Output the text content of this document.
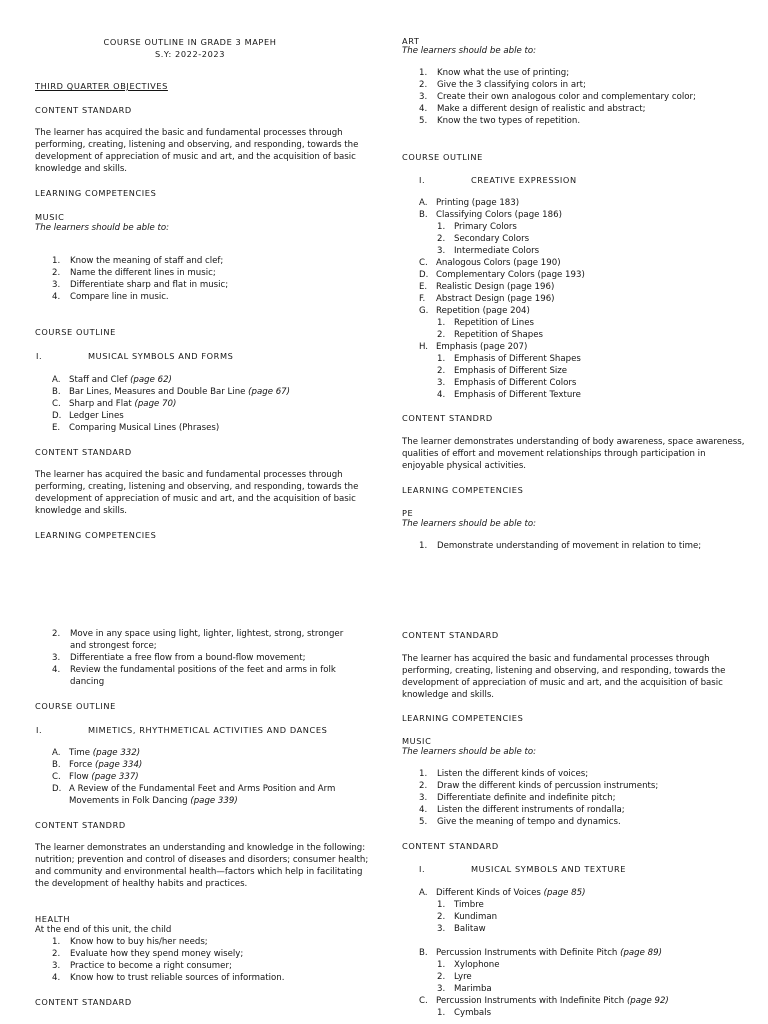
COURSE OUTLINE IN GRADE 3 MAPEH
S.Y: 2022-2023
THIRD QUARTER OBJECTIVES
CONTENT STANDARD
The learner has acquired the basic and fundamental processes through performing, creating, listening and observing, and responding, towards the development of appreciation of music and art, and the acquisition of basic knowledge and skills.
LEARNING COMPETENCIES
MUSIC
The learners should be able to:
1. Know the meaning of staff and clef;
2. Name the different lines in music;
3. Differentiate sharp and flat in music;
4. Compare line in music.
COURSE OUTLINE
I.	MUSICAL SYMBOLS AND FORMS
A. Staff and Clef (page 62)
B. Bar Lines, Measures and Double Bar Line (page 67)
C. Sharp and Flat (page 70)
D. Ledger Lines
E. Comparing Musical Lines (Phrases)
CONTENT STANDARD
The learner has acquired the basic and fundamental processes through performing, creating, listening and observing, and responding, towards the development of appreciation of music and art, and the acquisition of basic knowledge and skills.
LEARNING COMPETENCIES
ART
The learners should be able to:
1. Know what the use of printing;
2. Give the 3 classifying colors in art;
3. Create their own analogous color and complementary color;
4. Make a different design of realistic and abstract;
5. Know the two types of repetition.
COURSE OUTLINE
I.	CREATIVE EXPRESSION
A. Printing (page 183)
B. Classifying Colors (page 186)
1. Primary Colors
2. Secondary Colors
3. Intermediate Colors
C. Analogous Colors (page 190)
D. Complementary Colors (page 193)
E. Realistic Design (page 196)
F. Abstract Design (page 196)
G. Repetition (page 204)
1. Repetition of Lines
2. Repetition of Shapes
H. Emphasis (page 207)
1. Emphasis of Different Shapes
2. Emphasis of Different Size
3. Emphasis of Different Colors
4. Emphasis of Different Texture
CONTENT STANDRD
The learner demonstrates understanding of body awareness, space awareness, qualities of effort and movement relationships through participation in enjoyable physical activities.
LEARNING COMPETENCIES
PE
The learners should be able to:
1. Demonstrate understanding of movement in relation to time;
2. Move in any space using light, lighter, lightest, strong, stronger
and strongest force;
3. Differentiate a free flow from a bound-flow movement;
4. Review the fundamental positions of the feet and arms in folk
dancing
COURSE OUTLINE
I.	MIMETICS, RHYTHMETICAL ACTIVITIES AND DANCES
A. Time (page 332)
B. Force (page 334)
C. Flow (page 337)
D. A Review of the Fundamental Feet and Arms Position and Arm
Movements in Folk Dancing (page 339)
CONTENT STANDRD
The learner demonstrates an understanding and knowledge in the following: nutrition; prevention and control of diseases and disorders; consumer health; and community and environmental health—factors which help in facilitating the development of healthy habits and practices.
HEALTH
At the end of this unit, the child
1. Know how to buy his/her needs;
2. Evaluate how they spend money wisely;
3. Practice to become a right consumer;
4. Know how to trust reliable sources of information.
CONTENT STANDARD
CONTENT STANDARD
The learner has acquired the basic and fundamental processes through performing, creating, listening and observing, and responding, towards the development of appreciation of music and art, and the acquisition of basic knowledge and skills.
LEARNING COMPETENCIES
MUSIC
The learners should be able to:
1. Listen the different kinds of voices;
2. Draw the different kinds of percussion instruments;
3. Differentiate definite and indefinite pitch;
4. Listen the different instruments of rondalla;
5. Give the meaning of tempo and dynamics.
CONTENT STANDARD
I.	MUSICAL SYMBOLS AND TEXTURE
A. Different Kinds of Voices (page 85)
1. Timbre
2. Kundiman
3. Balitaw
B. Percussion Instruments with Definite Pitch (page 89)
1. Xylophone
2. Lyre
3. Marimba
C. Percussion Instruments with Indefinite Pitch (page 92)
1. Cymbals
